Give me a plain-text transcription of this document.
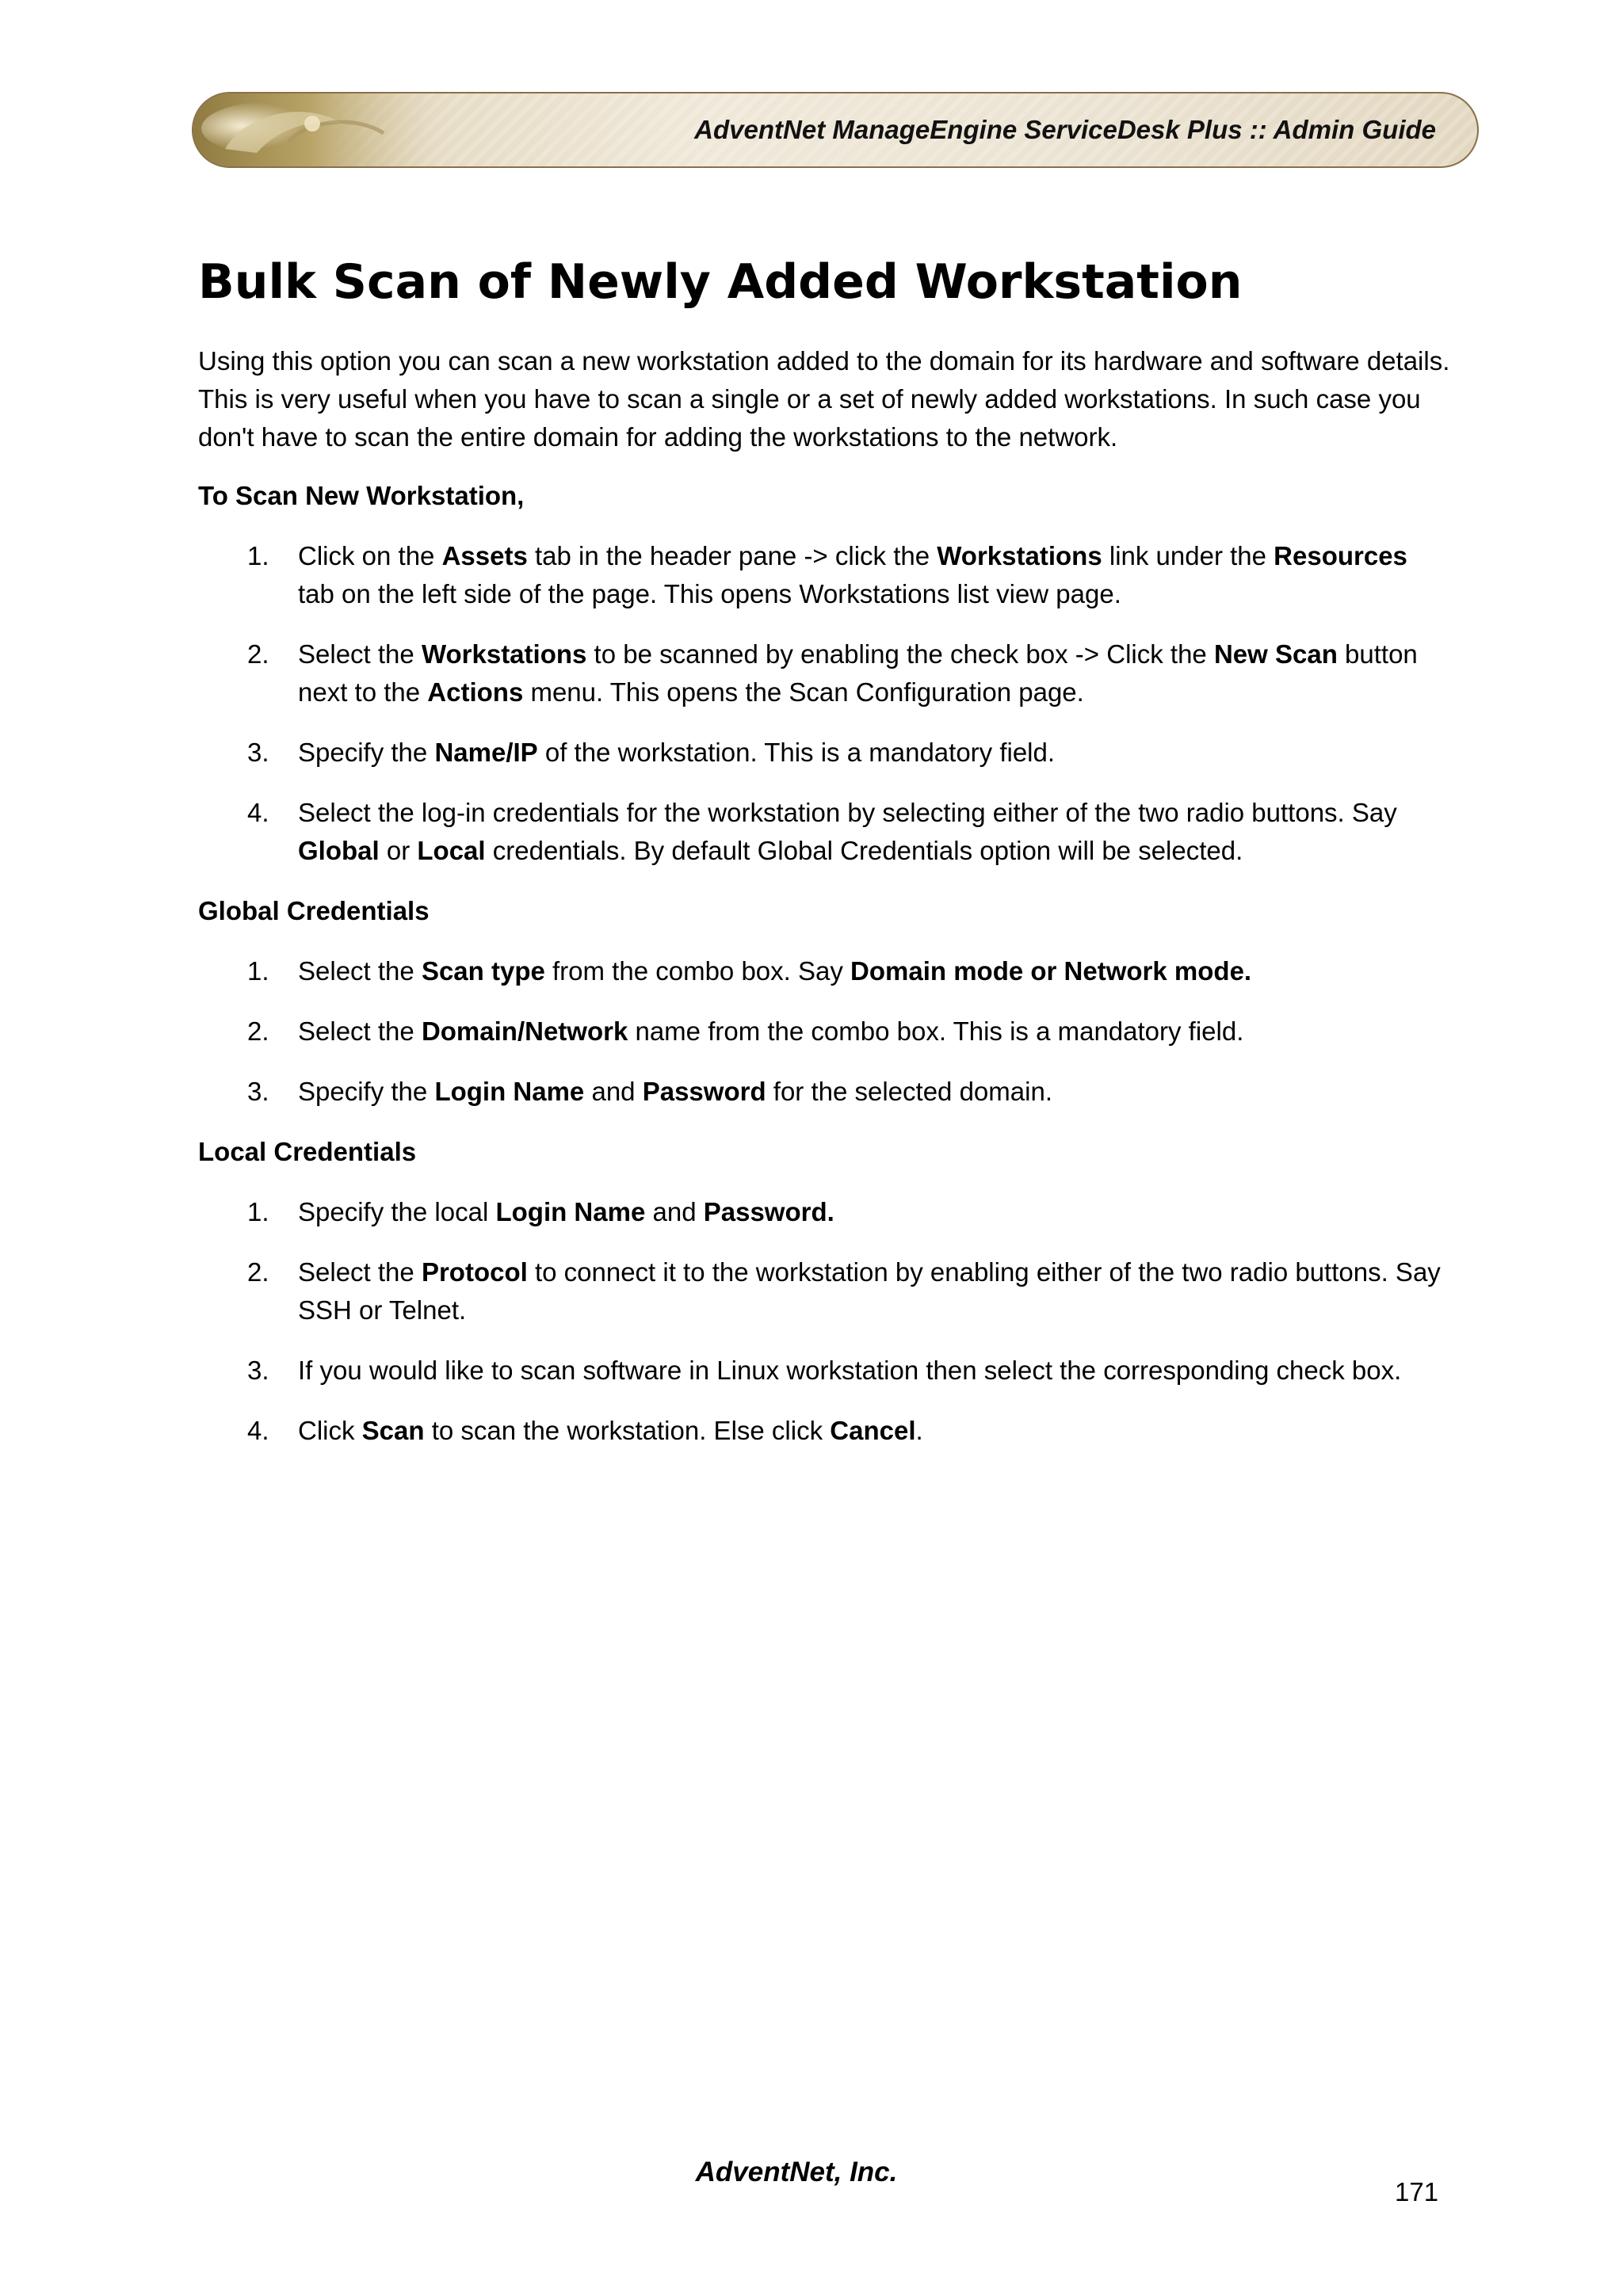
AdventNet ManageEngine ServiceDesk Plus :: Admin Guide
Bulk Scan of Newly Added Workstation

Using this option you can scan a new workstation added to the domain for its hardware and software details. This is very useful when you have to scan a single or a set of newly added workstations. In such case you don't have to scan the entire domain for adding the workstations to the network.

To Scan New Workstation,
1. Click on the Assets tab in the header pane -> click the Workstations link under the Resources tab on the left side of the page. This opens Workstations list view page.
2. Select the Workstations to be scanned by enabling the check box -> Click the New Scan button next to the Actions menu. This opens the Scan Configuration page.
3. Specify the Name/IP of the workstation. This is a mandatory field.
4. Select the log-in credentials for the workstation by selecting either of the two radio buttons. Say Global or Local credentials. By default Global Credentials option will be selected.
Global Credentials
1. Select the Scan type from the combo box. Say Domain mode or Network mode.
2. Select the Domain/Network name from the combo box. This is a mandatory field.
3. Specify the Login Name and Password for the selected domain.
Local Credentials
1. Specify the local Login Name and Password.
2. Select the Protocol to connect it to the workstation by enabling either of the two radio buttons. Say SSH or Telnet.
3. If you would like to scan software in Linux workstation then select the corresponding check box.
4. Click Scan to scan the workstation. Else click Cancel.
AdventNet, Inc.
171
